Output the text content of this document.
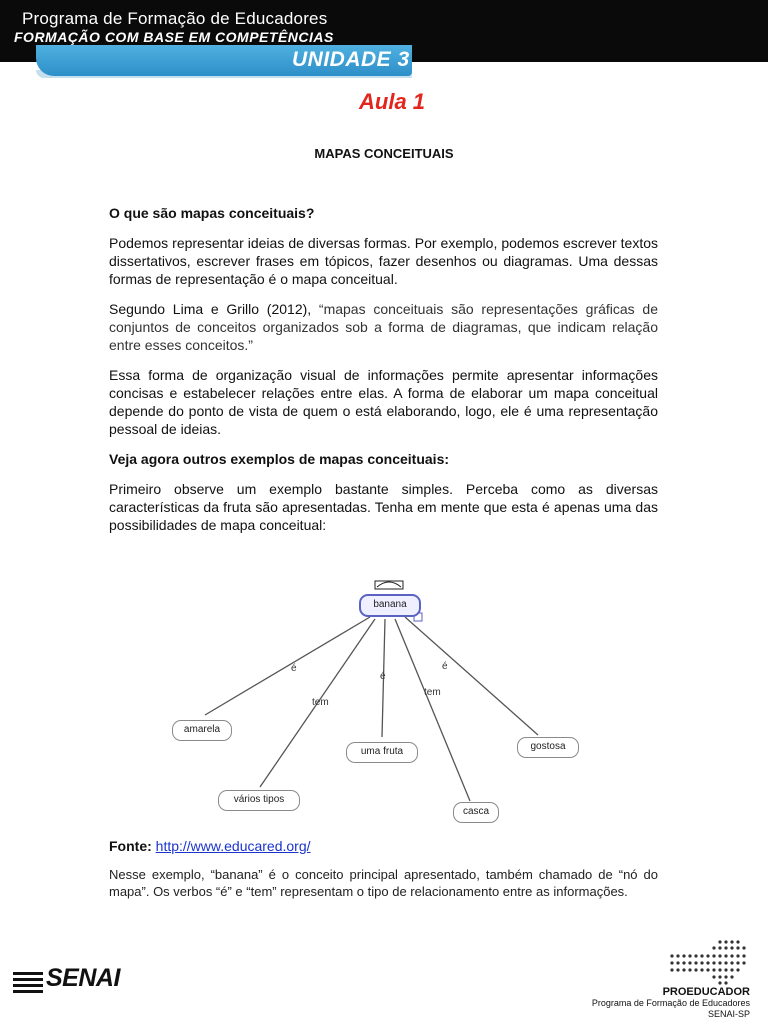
Programa de Formação de Educadores
FORMAÇÃO COM BASE EM COMPETÊNCIAS
UNIDADE 3
Aula 1
MAPAS CONCEITUAIS

O que são mapas conceituais?

Podemos representar ideias de diversas formas. Por exemplo, podemos escrever textos dissertativos, escrever frases em tópicos, fazer desenhos ou diagramas. Uma dessas formas de representação é o mapa conceitual.

Segundo Lima e Grillo (2012), “mapas conceituais são representações gráficas de conjuntos de conceitos organizados sob a forma de diagramas, que indicam relação entre esses conceitos.”

Essa forma de organização visual de informações permite apresentar informações concisas e estabelecer relações entre elas. A forma de elaborar um mapa conceitual depende do ponto de vista de quem o está elaborando, logo, ele é uma representação pessoal de ideias.

Veja agora outros exemplos de mapas conceituais:

Primeiro observe um exemplo bastante simples. Perceba como as diversas características da fruta são apresentadas. Tenha em mente que esta é apenas uma das possibilidades de mapa conceitual:

banana
é
amarela
tem
vários tipos
é
uma fruta
tem
casca
é
gostosa
Fonte: http://www.educared.org/
Nesse exemplo, “banana” é o conceito principal apresentado, também chamado de “nó do mapa”. Os verbos “é” e “tem” representam o tipo de relacionamento entre as informações.
SENAI	PROEDUCADOR
Programa de Formação de Educadores
SENAI-SP
